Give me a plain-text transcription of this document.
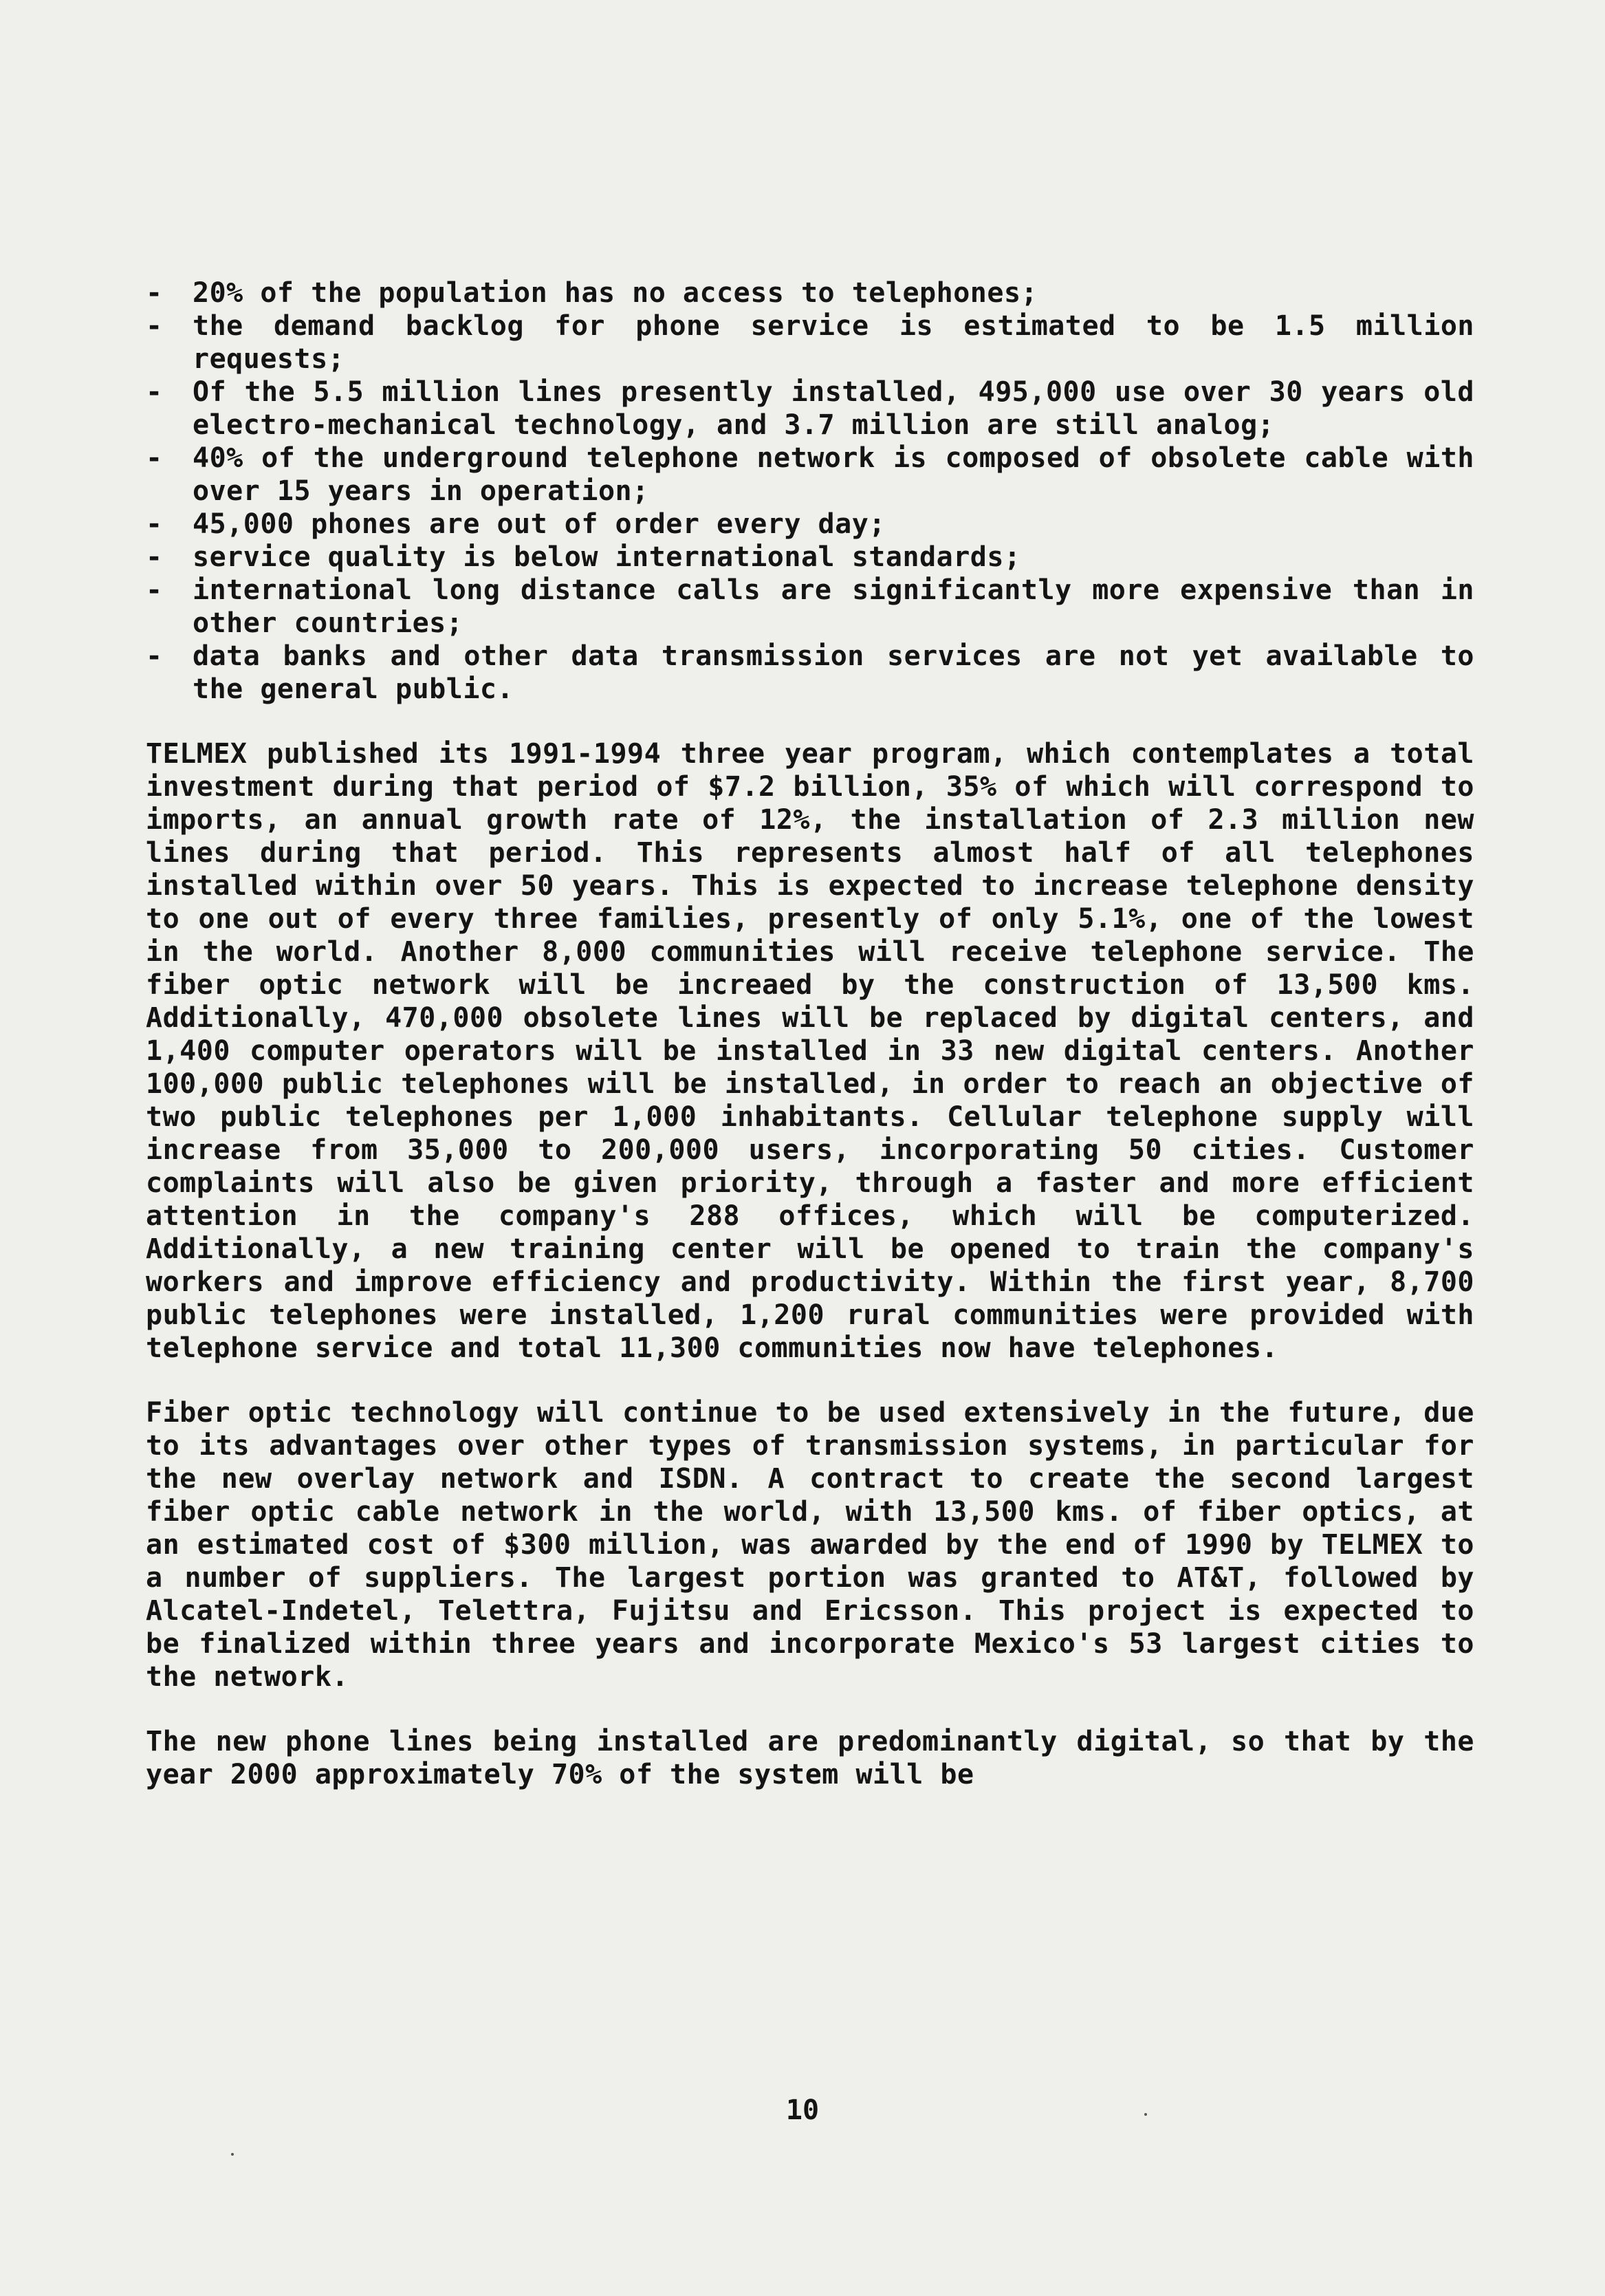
-	20% of the population has no access to telephones;
-	the demand backlog for phone service is estimated to be 1.5 million requests;
-	Of the 5.5 million lines presently installed, 495,000 use over 30 years old electro-mechanical technology, and 3.7 million are still analog;
-	40% of the underground telephone network is composed of obsolete cable with over 15 years in operation;
-	45,000 phones are out of order every day;
-	service quality is below international standards;
-	international long distance calls are significantly more expensive than in other countries;
-	data banks and other data transmission services are not yet available to the general public.

TELMEX published its 1991-1994 three year program, which contemplates a total investment during that period of $7.2 billion, 35% of which will correspond to imports, an annual growth rate of 12%, the installation of 2.3 million new lines during that period. This represents almost half of all telephones installed within over 50 years. This is expected to increase telephone density to one out of every three families, presently of only 5.1%, one of the lowest in the world. Another 8,000 communities will receive telephone service. The fiber optic network will be increaed by the construction of 13,500 kms. Additionally, 470,000 obsolete lines will be replaced by digital centers, and 1,400 computer operators will be installed in 33 new digital centers. Another 100,000 public telephones will be installed, in order to reach an objective of two public telephones per 1,000 inhabitants. Cellular telephone supply will increase from 35,000 to 200,000 users, incorporating 50 cities. Customer complaints will also be given priority, through a faster and more efficient attention in the company's 288 offices, which will be computerized. Additionally, a new training center will be opened to train the company's workers and improve efficiency and productivity. Within the first year, 8,700 public telephones were installed, 1,200 rural communities were provided with telephone service and total 11,300 communities now have telephones.

Fiber optic technology will continue to be used extensively in the future, due to its advantages over other types of transmission systems, in particular for the new overlay network and ISDN. A contract to create the second largest fiber optic cable network in the world, with 13,500 kms. of fiber optics, at an estimated cost of $300 million, was awarded by the end of 1990 by TELMEX to a number of suppliers. The largest portion was granted to AT&T, followed by Alcatel-Indetel, Telettra, Fujitsu and Ericsson. This project is expected to be finalized within three years and incorporate Mexico's 53 largest cities to the network.

The new phone lines being installed are predominantly digital, so that by the year 2000 approximately 70% of the system will be

10
